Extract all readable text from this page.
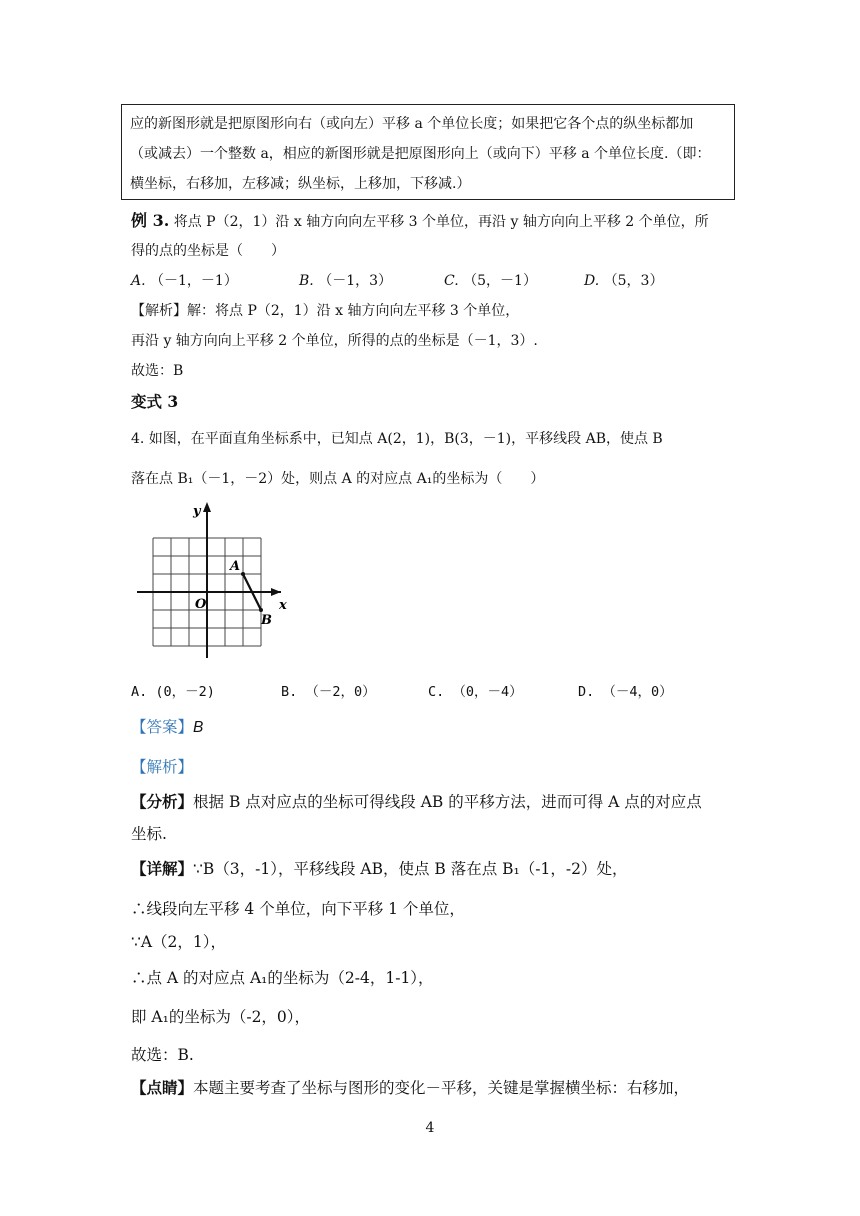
应的新图形就是把原图形向右（或向左）平移 a 个单位长度；如果把它各个点的纵坐标都加

（或减去）一个整数 a，相应的新图形就是把原图形向上（或向下）平移 a 个单位长度.（即：

横坐标，右移加，左移减；纵坐标，上移加，下移减.）

例 3. 将点 P（2，1）沿 x 轴方向向左平移 3 个单位，再沿 y 轴方向向上平移 2 个单位，所

得的点的坐标是（　　）

A. （－1，－1）	B. （－1，3）	C. （5，－1）	D. （5，3）

【解析】解：将点 P（2，1）沿 x 轴方向向左平移 3 个单位，

再沿 y 轴方向向上平移 2 个单位，所得的点的坐标是（－1，3）.

故选：B

变式 3

4. 如图，在平面直角坐标系中，已知点 A(2，1)，B(3，－1)，平移线段 AB，使点 B

落在点 B₁（－1，－2）处，则点 A 的对应点 A₁的坐标为（　　）

y
x
O
A
B

A. (0，－2)	B. （－2，0）	C. （0，－4）	D. （－4，0）

【答案】B

【解析】

【分析】根据 B 点对应点的坐标可得线段 AB 的平移方法，进而可得 A 点的对应点

坐标.

【详解】∵B（3，-1），平移线段 AB，使点 B 落在点 B₁（-1，-2）处，

∴线段向左平移 4 个单位，向下平移 1 个单位，

∵A（2，1），

∴点 A 的对应点 A₁的坐标为（2-4，1-1），

即 A₁的坐标为（-2，0），

故选：B.

【点睛】本题主要考查了坐标与图形的变化－平移，关键是掌握横坐标：右移加，

4
